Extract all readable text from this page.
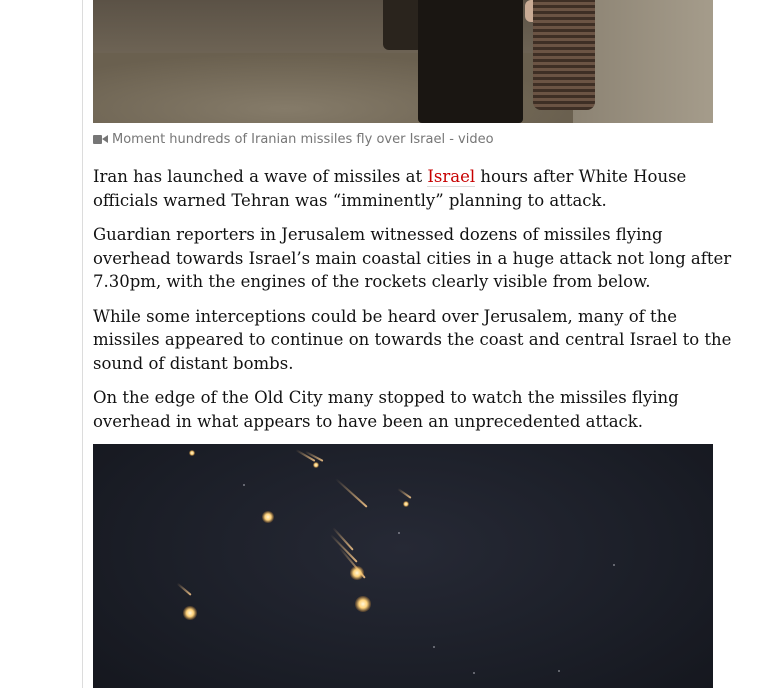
Moment hundreds of Iranian missiles fly over Israel - video

Iran has launched a wave of missiles at Israel hours after White House
officials warned Tehran was “imminently” planning to attack.

Guardian reporters in Jerusalem witnessed dozens of missiles flying
overhead towards Israel’s main coastal cities in a huge attack not long after
7.30pm, with the engines of the rockets clearly visible from below.

While some interceptions could be heard over Jerusalem, many of the
missiles appeared to continue on towards the coast and central Israel to the
sound of distant bombs.

On the edge of the Old City many stopped to watch the missiles flying
overhead in what appears to have been an unprecedented attack.
